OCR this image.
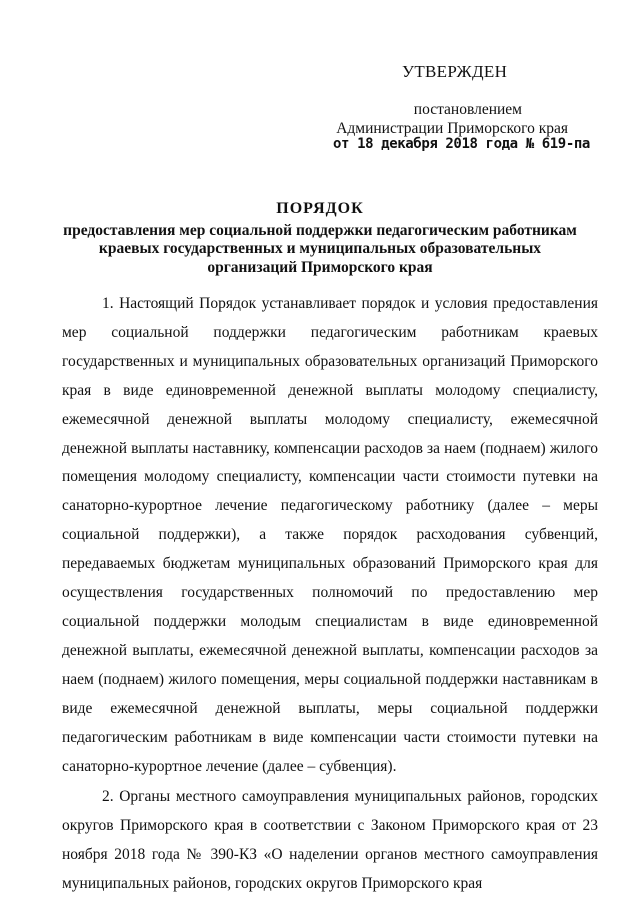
УТВЕРЖДЕН
постановлением
Администрации Приморского края
от 18 декабря 2018 года № 619-па
ПОРЯДОК
предоставления мер социальной поддержки педагогическим работникам
краевых государственных и муниципальных образовательных
организаций Приморского края

1. Настоящий Порядок устанавливает порядок и условия предоставления мер социальной поддержки педагогическим работникам краевых государственных и муниципальных образовательных организаций Приморского края в виде единовременной денежной выплаты молодому специалисту, ежемесячной денежной выплаты молодому специалисту, ежемесячной денежной выплаты наставнику, компенсации расходов за наем (поднаем) жилого помещения молодому специалисту, компенсации части стоимости путевки на санаторно-курортное лечение педагогическому работнику (далее – меры социальной поддержки), а также порядок расходования субвенций, передаваемых бюджетам муниципальных образований Приморского края для осуществления государственных полномочий по предоставлению мер социальной поддержки молодым специалистам в виде единовременной денежной выплаты, ежемесячной денежной выплаты, компенсации расходов за наем (поднаем) жилого помещения, меры социальной поддержки наставникам в виде ежемесячной денежной выплаты, меры социальной поддержки педагогическим работникам в виде компенсации части стоимости путевки на санаторно-курортное лечение (далее – субвенция).

2. Органы местного самоуправления муниципальных районов, городских округов Приморского края в соответствии с Законом Приморского края от 23 ноября 2018 года № 390-КЗ «О наделении органов местного самоуправления муниципальных районов, городских округов Приморского края
